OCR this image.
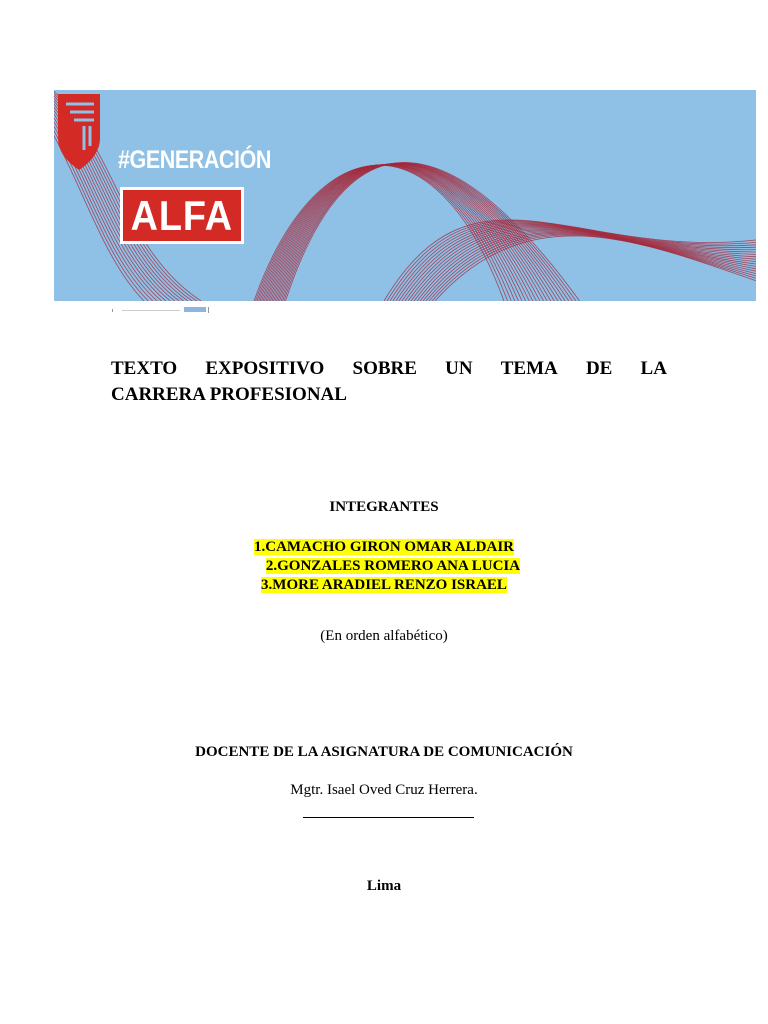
#GENERACIÓN
ALFA
TEXTO EXPOSITIVO SOBRE UN TEMA DE LA
CARRERA PROFESIONAL
INTEGRANTES
1.CAMACHO GIRON OMAR ALDAIR
2.GONZALES ROMERO ANA LUCIA
3.MORE ARADIEL RENZO ISRAEL
(En orden alfabético)
DOCENTE DE LA ASIGNATURA DE COMUNICACIÓN
Mgtr. Isael Oved Cruz Herrera.
Lima
